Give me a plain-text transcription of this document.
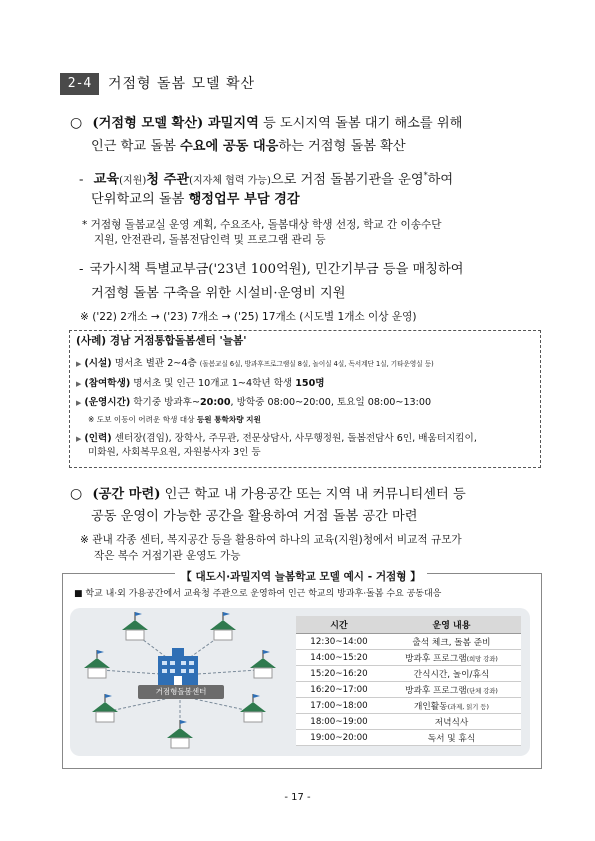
2-4	거점형 돌봄 모델 확산
○ (거점형 모델 확산) 과밀지역 등 도시지역 돌봄 대기 해소를 위해
인근 학교 돌봄 수요에 공동 대응하는 거점형 돌봄 확산
- 교육(지원)청 주관(지자체 협력 가능)으로 거점 돌봄기관을 운영*하여
단위학교의 돌봄 행정업무 부담 경감
* 거점형 돌봄교실 운영 계획, 수요조사, 돌봄대상 학생 선정, 학교 간 이송수단
지원, 안전관리, 돌봄전담인력 및 프로그램 관리 등
- 국가시책 특별교부금('23년 100억원), 민간기부금 등을 매칭하여
거점형 돌봄 구축을 위한 시설비·운영비 지원
※ ('22) 2개소 → ('23) 7개소 → ('25) 17개소 (시도별 1개소 이상 운영)
(사례) 경남 거점통합돌봄센터 '늘봄'
▶ (시설) 명서초 별관 2~4층 (돌봄교실 6실, 방과후프로그램실 8실, 놀이실 4실, 독서계단 1실, 기타운영실 등)
▶ (참여학생) 명서초 및 인근 10개교 1~4학년 학생 150명
▶ (운영시간) 학기중 방과후~20:00, 방학중 08:00~20:00, 토요일 08:00~13:00
※ 도보 이동이 어려운 학생 대상 등원 통학차량 지원
▶ (인력) 센터장(겸임), 장학사, 주무관, 전문상담사, 사무행정원, 돌봄전담사 6인, 배움터지킴이,
미화원, 사회복무요원, 자원봉사자 3인 등
○ (공간 마련) 인근 학교 내 가용공간 또는 지역 내 커뮤니티센터 등
공동 운영이 가능한 공간을 활용하여 거점 돌봄 공간 마련
※ 관내 각종 센터, 복지공간 등을 활용하여 하나의 교육(지원)청에서 비교적 규모가
작은 복수 거점기관 운영도 가능
【 대도시·과밀지역 늘봄학교 모델 예시 - 거점형 】
■ 학교 내·외 가용공간에서 교육청 주관으로 운영하여 인근 학교의 방과후·돌봄 수요 공동대응
거점형돌봄센터
시간	운영 내용
12:30~14:00	출석 체크, 돌봄 준비
14:00~15:20	방과후 프로그램(희망 강좌)
15:20~16:20	간식시간, 놀이/휴식
16:20~17:00	방과후 프로그램(단체 강좌)
17:00~18:00	개인활동(과제, 읽기 등)
18:00~19:00	저녁식사
19:00~20:00	독서 및 휴식
- 17 -
